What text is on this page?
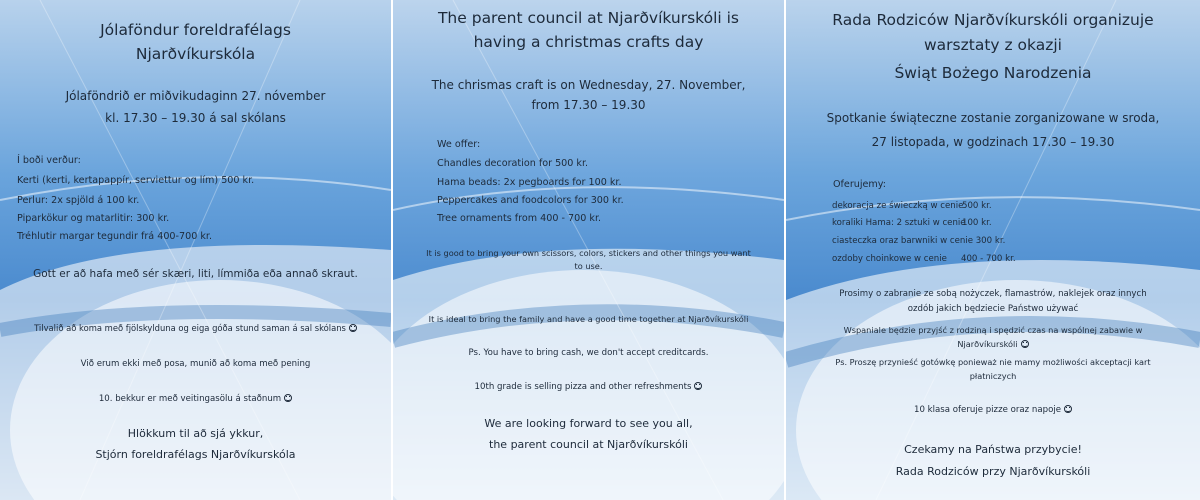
Jólaföndur foreldrafélags
Njarðvíkurskóla
Jólaföndrið er miðvikudaginn 27. nóvember
kl. 17.30 – 19.30 á sal skólans
Í boði verður:
Kerti (kerti, kertapappír, serviettur og lím) 500 kr.
Perlur: 2x spjöld á 100 kr.
Piparkökur og matarlitir: 300 kr.
Tréhlutir margar tegundir frá 400-700 kr.
Gott er að hafa með sér skæri, liti, límmiða eða annað skraut.
Tilvalið að koma með fjölskylduna og eiga góða stund saman á sal skólans
Við erum ekki með posa, munið að koma með pening
10. bekkur er með veitingasölu á staðnum
Hlökkum til að sjá ykkur,
Stjórn foreldrafélags Njarðvíkurskóla
The parent council at Njarðvíkurskóli is
having a christmas crafts day
The chrismas craft is on Wednesday, 27. November,
from 17.30 – 19.30
We offer:
Chandles decoration for 500 kr.
Hama beads: 2x pegboards for 100 kr.
Peppercakes and foodcolors for 300 kr.
Tree ornaments from 400 - 700 kr.
It is good to bring your own scissors, colors, stickers and other things you want
to use.
It is ideal to bring the family and have a good time together at Njarðvíkurskóli
Ps. You have to bring cash, we don't accept creditcards.
10th grade is selling pizza and other refreshments
We are looking forward to see you all,
the parent council at Njarðvíkurskóli
Rada Rodziców Njarðvíkurskóli organizuje
warsztaty z okazji
Świąt Bożego Narodzenia
Spotkanie świąteczne zostanie zorganizowane w sroda,
27 listopada, w godzinach 17.30 – 19.30
Oferujemy:
dekoracja ze świeczką w cenie
500 kr.
koraliki Hama: 2 sztuki w cenie
100 kr.
ciasteczka oraz barwniki w cenie 300 kr.
ozdoby choinkowe w cenie 400 - 700 kr.
Prosimy o zabranie ze sobą nożyczek, flamastrów, naklejek oraz innych
ozdób jakich będziecie Państwo używać
Wspaniale będzie przyjść z rodziną i spędzić czas na wspólnej zabawie w
Njarðvíkurskóli
Ps. Proszę przynieść gotówkę ponieważ nie mamy możliwości akceptacji kart
płatniczych
10 klasa oferuje pizze oraz napoje
Czekamy na Państwa przybycie!
Rada Rodziców przy Njarðvíkurskóli
